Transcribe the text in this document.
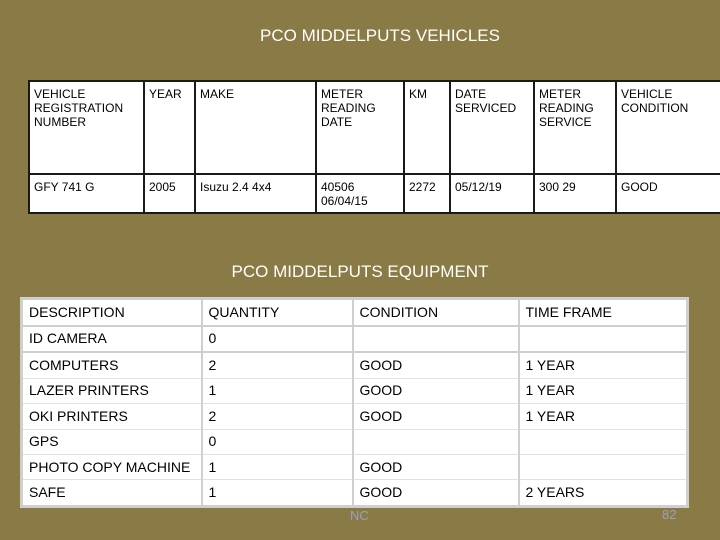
PCO MIDDELPUTS VEHICLES
VEHICLE REGISTRATION NUMBER	YEAR	MAKE	METER READING DATE	KM	DATE SERVICED	METER READING SERVICE	VEHICLE CONDITION
GFY 741 G	2005	Isuzu 2.4 4x4	40506 06/04/15	2272	05/12/19	300 29	GOOD
PCO MIDDELPUTS EQUIPMENT
DESCRIPTION	QUANTITY	CONDITION	TIME FRAME
ID CAMERA	0		
COMPUTERS	2	GOOD	1 YEAR
LAZER PRINTERS	1	GOOD	1 YEAR
OKI PRINTERS	2	GOOD	1 YEAR
GPS	0		
PHOTO COPY MACHINE	1	GOOD	
SAFE	1	GOOD	2 YEARS
NC	82
